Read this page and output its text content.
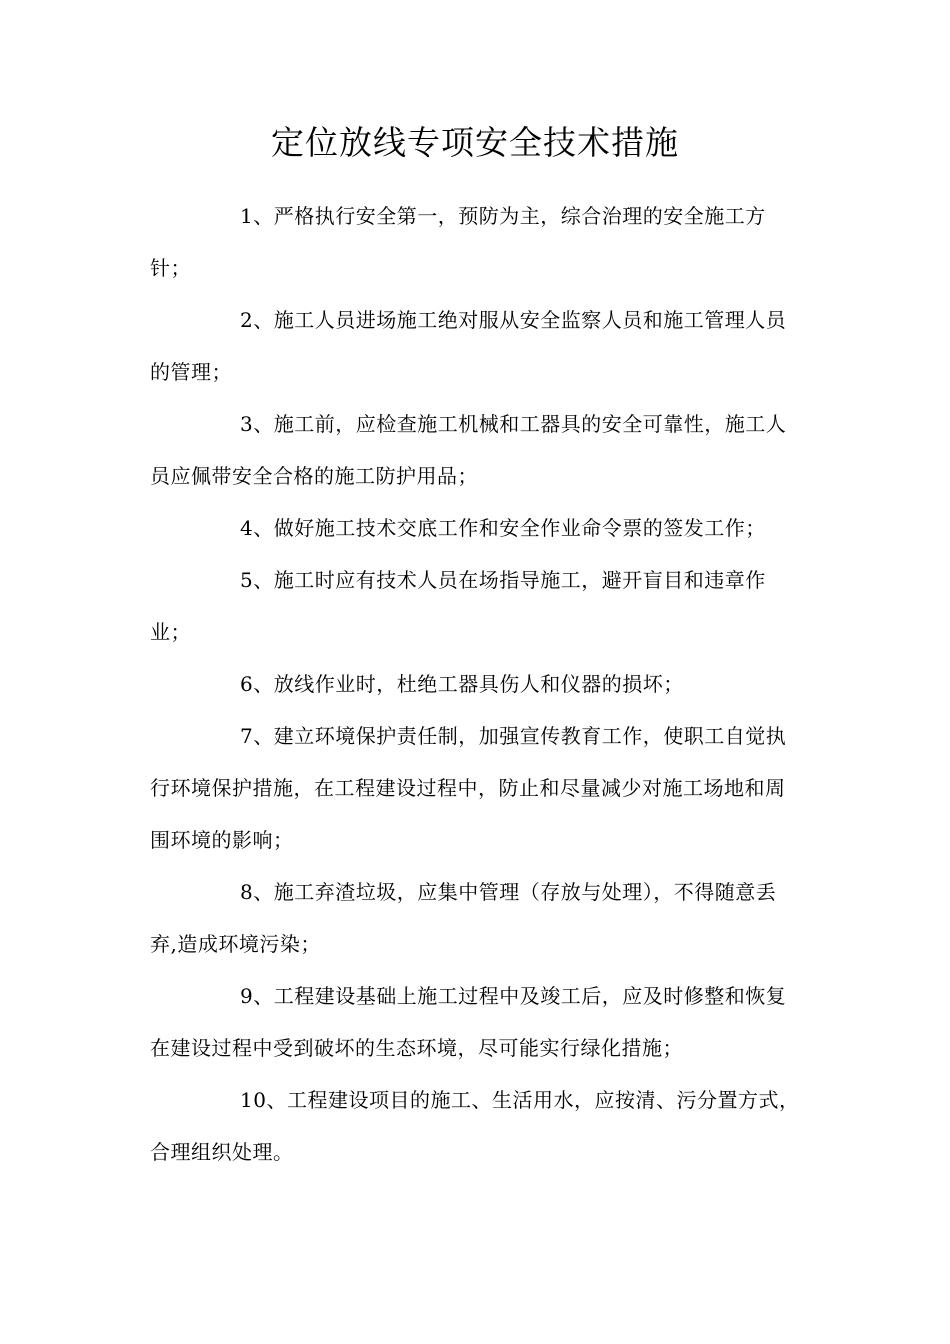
定位放线专项安全技术措施

1、严格执行安全第一，预防为主，综合治理的安全施工方针；

2、施工人员进场施工绝对服从安全监察人员和施工管理人员的管理；

3、施工前，应检查施工机械和工器具的安全可靠性，施工人员应佩带安全合格的施工防护用品；

4、做好施工技术交底工作和安全作业命令票的签发工作；

5、施工时应有技术人员在场指导施工，避开盲目和违章作业；

6、放线作业时，杜绝工器具伤人和仪器的损坏；

7、建立环境保护责任制，加强宣传教育工作，使职工自觉执行环境保护措施，在工程建设过程中，防止和尽量减少对施工场地和周围环境的影响；

8、施工弃渣垃圾，应集中管理（存放与处理），不得随意丢弃,造成环境污染；

9、工程建设基础上施工过程中及竣工后，应及时修整和恢复在建设过程中受到破坏的生态环境，尽可能实行绿化措施；

10、工程建设项目的施工、生活用水，应按清、污分置方式，合理组织处理。
